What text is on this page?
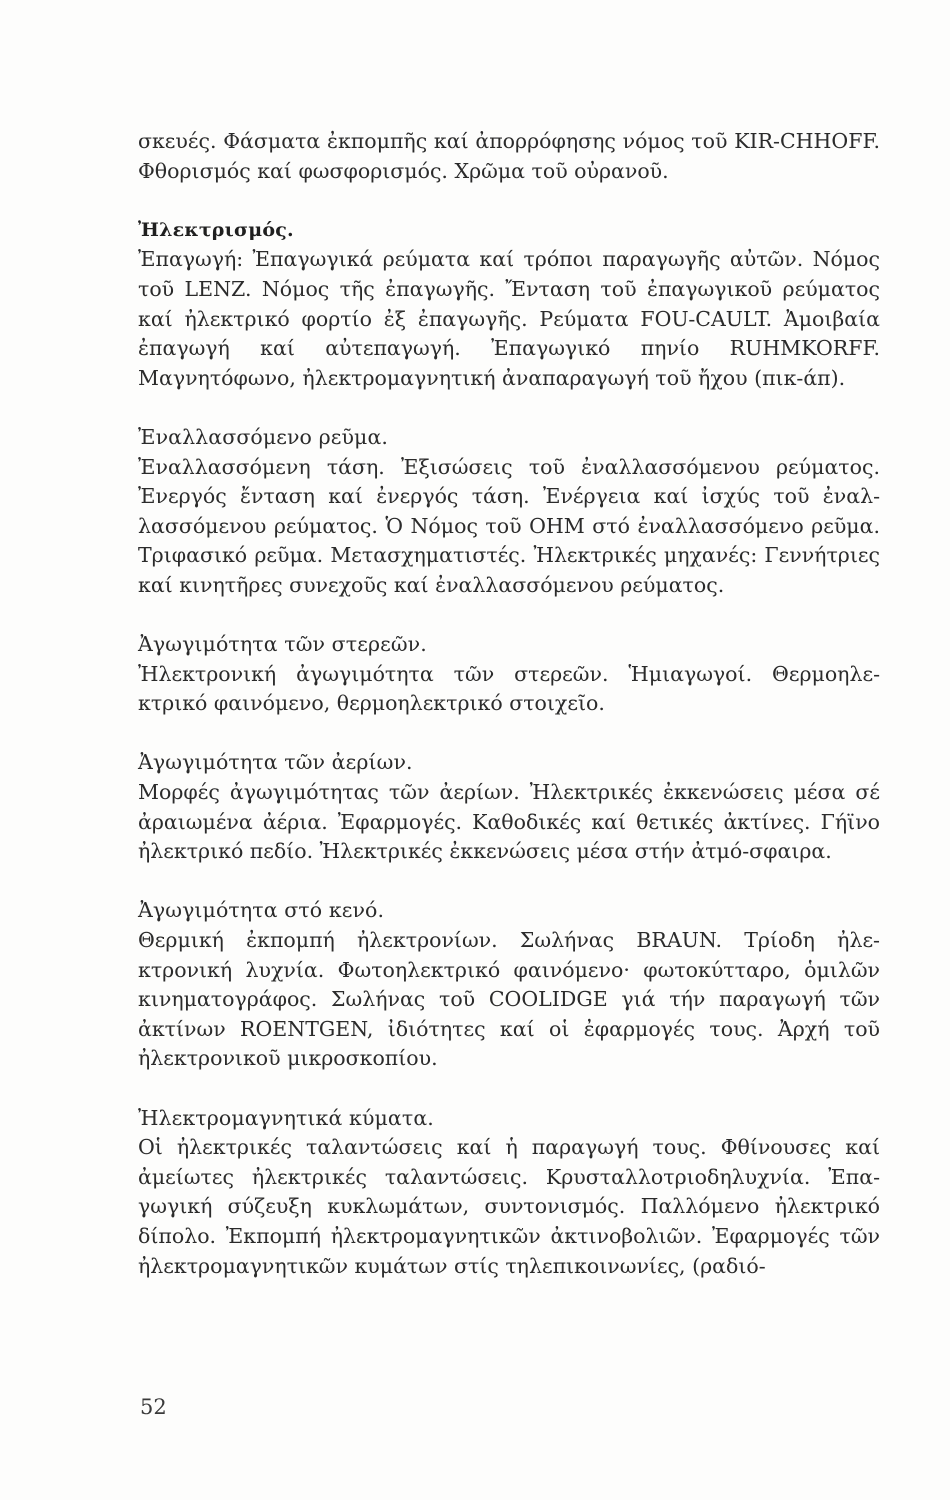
σκευές. Φάσματα ἐκπομπῆς καί ἀπορρόφησης νόμος τοῦ KIR-CHHOFF. Φθορισμός καί φωσφορισμός. Χρῶμα τοῦ οὐρανοῦ.

Ἠλεκτρισμός.

Ἐπαγωγή: Ἐπαγωγικά ρεύματα καί τρόποι παραγωγῆς αὐτῶν. Νόμος τοῦ LENZ. Νόμος τῆς ἐπαγωγῆς. Ἔνταση τοῦ ἐπαγωγικοῦ ρεύματος καί ἠλεκτρικό φορτίο ἐξ ἐπαγωγῆς. Ρεύματα FOU-CAULT. Ἀμοιβαία ἐπαγωγή καί αὐτεπαγωγή. Ἐπαγωγικό πηνίο RUHMKORFF. Μαγνητόφωνο, ἠλεκτρομαγνητική ἀναπαραγωγή τοῦ ἤχου (πικ-άπ).

Ἐναλλασσόμενο ρεῦμα.

Ἐναλλασσόμενη τάση. Ἐξισώσεις τοῦ ἐναλλασσόμενου ρεύματος. Ἐνεργός ἔνταση καί ἐνεργός τάση. Ἐνέργεια καί ἰσχύς τοῦ ἐναλ-λασσόμενου ρεύματος. Ὁ Νόμος τοῦ OHM στό ἐναλλασσόμενο ρεῦμα. Τριφασικό ρεῦμα. Μετασχηματιστές. Ἠλεκτρικές μηχανές: Γεννήτριες καί κινητῆρες συνεχοῦς καί ἐναλλασσόμενου ρεύματος.

Ἀγωγιμότητα τῶν στερεῶν.

Ἠλεκτρονική ἀγωγιμότητα τῶν στερεῶν. Ἡμιαγωγοί. Θερμοηλε-κτρικό φαινόμενο, θερμοηλεκτρικό στοιχεῖο.

Ἀγωγιμότητα τῶν ἀερίων.

Μορφές ἀγωγιμότητας τῶν ἀερίων. Ἠλεκτρικές ἐκκενώσεις μέσα σέ ἀραιωμένα ἀέρια. Ἐφαρμογές. Καθοδικές καί θετικές ἀκτίνες. Γήϊνο ἠλεκτρικό πεδίο. Ἠλεκτρικές ἐκκενώσεις μέσα στήν ἀτμό-σφαιρα.

Ἀγωγιμότητα στό κενό.

Θερμική ἐκπομπή ἠλεκτρονίων. Σωλήνας BRAUN. Τρίοδη ἠλε-κτρονική λυχνία. Φωτοηλεκτρικό φαινόμενο· φωτοκύτταρο, ὁμιλῶν κινηματογράφος. Σωλήνας τοῦ COOLIDGE γιά τήν παραγωγή τῶν ἀκτίνων ROENTGEN, ἰδιότητες καί οἱ ἐφαρμογές τους. Ἀρχή τοῦ ἠλεκτρονικοῦ μικροσκοπίου.

Ἠλεκτρομαγνητικά κύματα.

Οἱ ἠλεκτρικές ταλαντώσεις καί ἡ παραγωγή τους. Φθίνουσες καί ἀμείωτες ἠλεκτρικές ταλαντώσεις. Κρυσταλλοτριοδηλυχνία. Ἐπα-γωγική σύζευξη κυκλωμάτων, συντονισμός. Παλλόμενο ἠλεκτρικό δίπολο. Ἐκπομπή ἠλεκτρομαγνητικῶν ἀκτινοβολιῶν. Ἐφαρμογές τῶν ἠλεκτρομαγνητικῶν κυμάτων στίς τηλεπικοινωνίες, (ραδιό-

52
